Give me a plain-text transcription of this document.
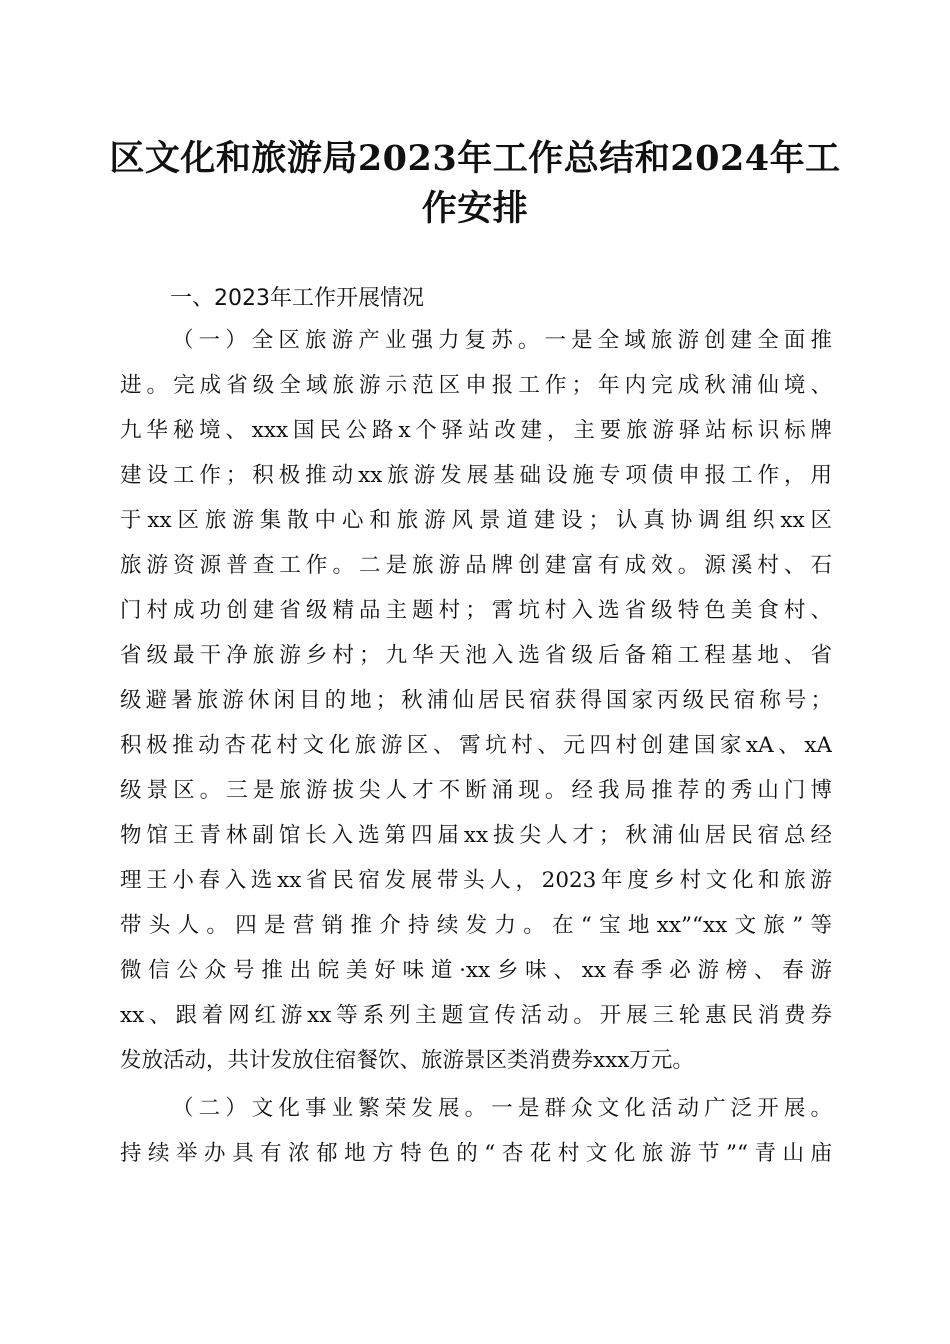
区文化和旅游局2023年工作总结和2024年工
作安排
一、2023年工作开展情况
（一）全区旅游产业强力复苏。一是全域旅游创建全面推
进。完成省级全域旅游示范区申报工作；年内完成秋浦仙境、
九华秘境、xxx国民公路x个驿站改建，主要旅游驿站标识标牌
建设工作；积极推动xx旅游发展基础设施专项债申报工作，用
于xx区旅游集散中心和旅游风景道建设；认真协调组织xx区
旅游资源普查工作。二是旅游品牌创建富有成效。源溪村、石
门村成功创建省级精品主题村；霄坑村入选省级特色美食村、
省级最干净旅游乡村；九华天池入选省级后备箱工程基地、省
级避暑旅游休闲目的地；秋浦仙居民宿获得国家丙级民宿称号；
积极推动杏花村文化旅游区、霄坑村、元四村创建国家xA、xA
级景区。三是旅游拔尖人才不断涌现。经我局推荐的秀山门博
物馆王青林副馆长入选第四届xx拔尖人才；秋浦仙居民宿总经
理王小春入选xx省民宿发展带头人，2023年度乡村文化和旅游
带头人。四是营销推介持续发力。在“宝地xx”“xx文旅”等
微信公众号推出皖美好味道·xx乡味、xx春季必游榜、春游
xx、跟着网红游xx等系列主题宣传活动。开展三轮惠民消费券
发放活动，共计发放住宿餐饮、旅游景区类消费券xxx万元。
（二）文化事业繁荣发展。一是群众文化活动广泛开展。
持续举办具有浓郁地方特色的“杏花村文化旅游节”“青山庙
